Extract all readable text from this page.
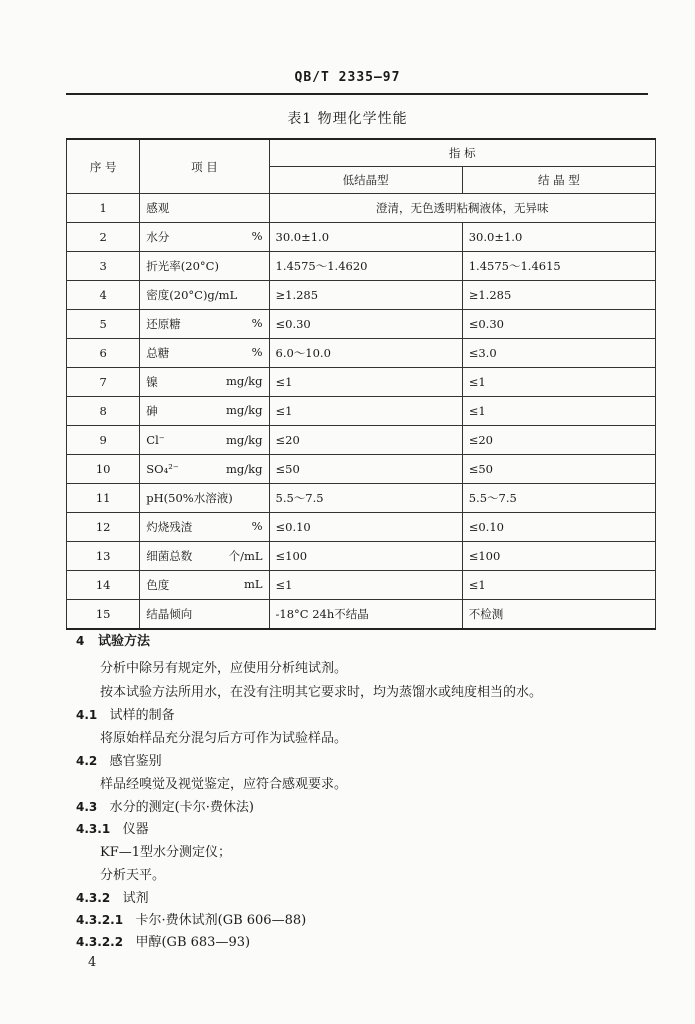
QB/T 2335—97
表1 物理化学性能
序 号	项 目	指 标	
		低结晶型	结 晶 型
1	感观	澄清，无色透明粘稠液体，无异味	
2	水分 %	30.0±1.0	30.0±1.0
3	折光率(20°C)	1.4575～1.4620	1.4575～1.4615
4	密度(20°C)g/mL	≥1.285	≥1.285
5	还原糖 %	≤0.30	≤0.30
6	总糖 %	6.0～10.0	≤3.0
7	镍 mg/kg	≤1	≤1
8	砷 mg/kg	≤1	≤1
9	Cl⁻ mg/kg	≤20	≤20
10	SO₄²⁻ mg/kg	≤50	≤50
11	pH(50%水溶液)	5.5～7.5	5.5～7.5
12	灼烧残渣 %	≤0.10	≤0.10
13	细菌总数 个/mL	≤100	≤100
14	色度 mL	≤1	≤1
15	结晶倾向	-18°C 24h不结晶	不检测
4 试验方法
分析中除另有规定外，应使用分析纯试剂。
按本试验方法所用水，在没有注明其它要求时，均为蒸馏水或纯度相当的水。
4.1 试样的制备
将原始样品充分混匀后方可作为试验样品。
4.2 感官鉴别
样品经嗅觉及视觉鉴定，应符合感观要求。
4.3 水分的测定(卡尔·费休法)
4.3.1 仪器
KF—1型水分测定仪；
分析天平。
4.3.2 试剂
4.3.2.1 卡尔·费休试剂(GB 606—88)
4.3.2.2 甲醇(GB 683—93)
4
